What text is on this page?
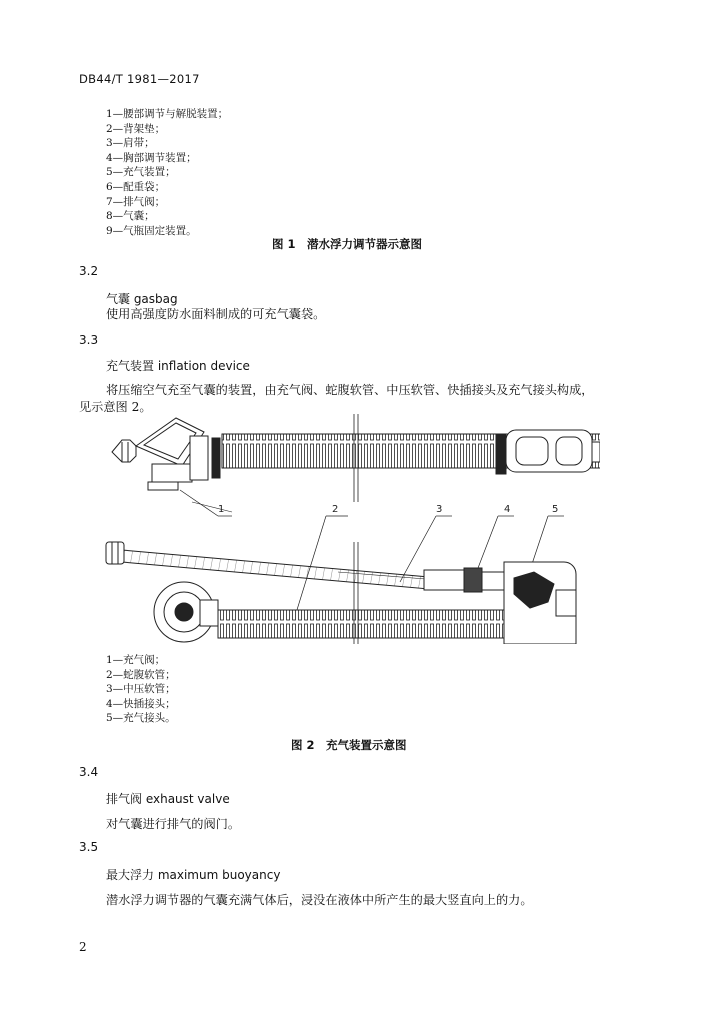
DB44/T 1981—2017
1—腰部调节与解脱装置；
2—背架垫；
3—肩带；
4—胸部调节装置；
5—充气装置；
6—配重袋；
7—排气阀；
8—气囊；
9—气瓶固定装置。
图 1　潜水浮力调节器示意图
3.2
气囊 gasbag
使用高强度防水面料制成的可充气囊袋。
3.3
充气装置 inflation device
将压缩空气充至气囊的装置，由充气阀、蛇腹软管、中压软管、快插接头及充气接头构成，
见示意图 2。
1	2	3	4	5
1—充气阀；
2—蛇腹软管；
3—中压软管；
4—快插接头；
5—充气接头。
图 2　充气装置示意图
3.4
排气阀 exhaust valve
对气囊进行排气的阀门。
3.5
最大浮力 maximum buoyancy
潜水浮力调节器的气囊充满气体后，浸没在液体中所产生的最大竖直向上的力。
2
